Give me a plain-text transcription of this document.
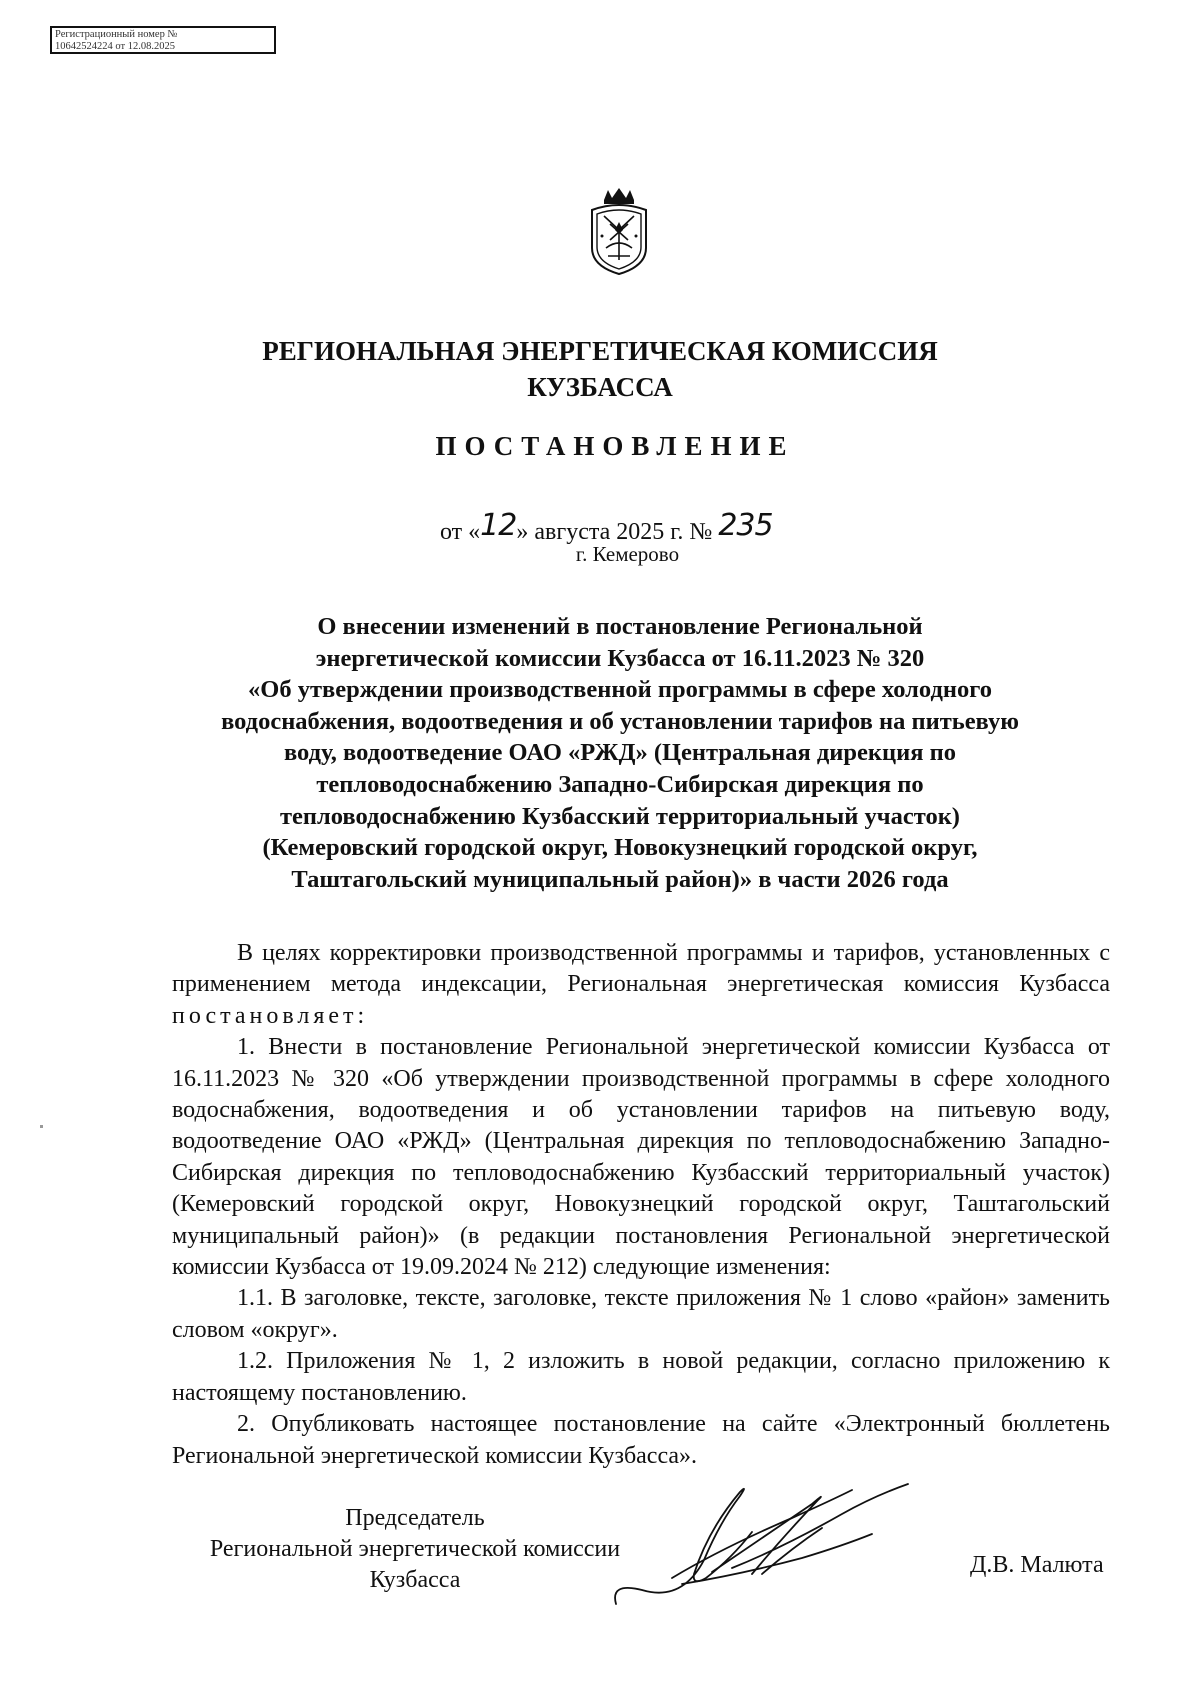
Регистрационный номер №
10642524224 от 12.08.2025
РЕГИОНАЛЬНАЯ ЭНЕРГЕТИЧЕСКАЯ КОМИССИЯ
КУЗБАССА
ПОСТАНОВЛЕНИЕ
от «12» августа 2025 г. № 235
г. Кемерово
О внесении изменений в постановление Региональной
энергетической комиссии Кузбасса от 16.11.2023 № 320
«Об утверждении производственной программы в сфере холодного
водоснабжения, водоотведения и об установлении тарифов на питьевую
воду, водоотведение ОАО «РЖД» (Центральная дирекция по
тепловодоснабжению Западно-Сибирская дирекция по
тепловодоснабжению Кузбасский территориальный участок)
(Кемеровский городской округ, Новокузнецкий городской округ,
Таштагольский муниципальный район)» в части 2026 года

В целях корректировки производственной программы и тарифов, установленных с применением метода индексации, Региональная энергетическая комиссия Кузбасса постановляет:

1. Внести в постановление Региональной энергетической комиссии Кузбасса от 16.11.2023 № 320 «Об утверждении производственной программы в сфере холодного водоснабжения, водоотведения и об установлении тарифов на питьевую воду, водоотведение ОАО «РЖД» (Центральная дирекция по тепловодоснабжению Западно-Сибирская дирекция по тепловодоснабжению Кузбасский территориальный участок) (Кемеровский городской округ, Новокузнецкий городской округ, Таштагольский муниципальный район)» (в редакции постановления Региональной энергетической комиссии Кузбасса от 19.09.2024 № 212) следующие изменения:

1.1. В заголовке, тексте, заголовке, тексте приложения № 1 слово «район» заменить словом «округ».

1.2. Приложения № 1, 2 изложить в новой редакции, согласно приложению к настоящему постановлению.

2. Опубликовать настоящее постановление на сайте «Электронный бюллетень Региональной энергетической комиссии Кузбасса».

Председатель
Региональной энергетической комиссии
Кузбасса
Д.В. Малюта
